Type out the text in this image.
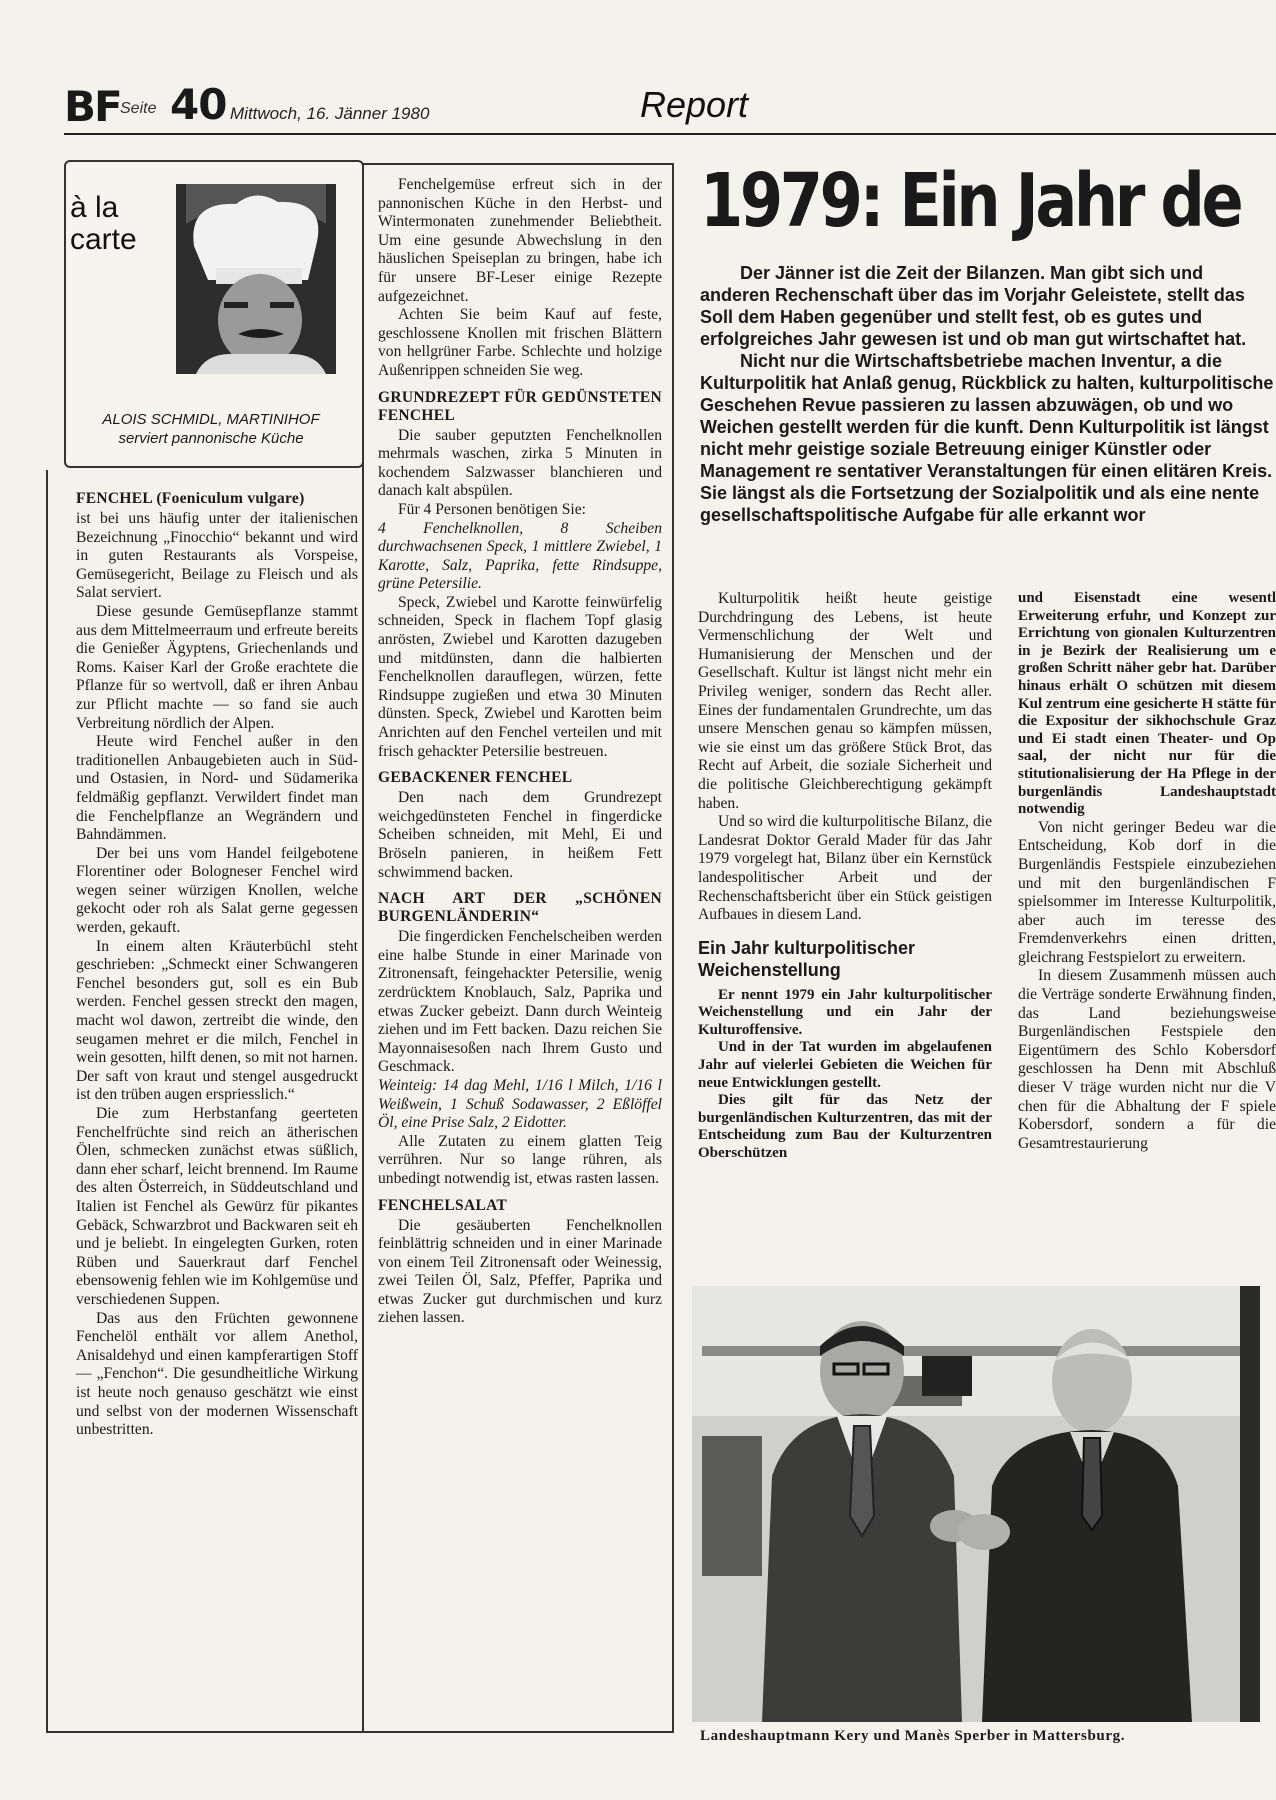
BF Seite 40 Mittwoch, 16. Jänner 1980	Report
à la
carte
ALOIS SCHMIDL, MARTINIHOF
serviert pannonische Küche
FENCHEL (Foeniculum vulgare)

ist bei uns häufig unter der italienischen Bezeichnung „Finocchio“ bekannt und wird in guten Restaurants als Vorspeise, Gemüsegericht, Beilage zu Fleisch und als Salat serviert.

Diese gesunde Gemüsepflanze stammt aus dem Mittelmeerraum und erfreute bereits die Genießer Ägyptens, Griechenlands und Roms. Kaiser Karl der Große erachtete die Pflanze für so wertvoll, daß er ihren Anbau zur Pflicht machte — so fand sie auch Verbreitung nördlich der Alpen.

Heute wird Fenchel außer in den traditionellen Anbaugebieten auch in Süd- und Ostasien, in Nord- und Südamerika feldmäßig gepflanzt. Verwildert findet man die Fenchelpflanze an Wegrändern und Bahndämmen.

Der bei uns vom Handel feilgebotene Florentiner oder Bologneser Fenchel wird wegen seiner würzigen Knollen, welche gekocht oder roh als Salat gerne gegessen werden, gekauft.

In einem alten Kräuterbüchl steht geschrieben: „Schmeckt einer Schwangeren Fenchel besonders gut, soll es ein Bub werden. Fenchel gessen streckt den magen, macht wol dawon, zertreibt die winde, den seugamen mehret er die milch, Fenchel in wein gesotten, hilft denen, so mit not harnen. Der saft von kraut und stengel ausgedruckt ist den trüben augen erspriesslich.“

Die zum Herbstanfang geerteten Fenchelfrüchte sind reich an ätherischen Ölen, schmecken zunächst etwas süßlich, dann eher scharf, leicht brennend. Im Raume des alten Österreich, in Süddeutschland und Italien ist Fenchel als Gewürz für pikantes Gebäck, Schwarzbrot und Backwaren seit eh und je beliebt. In eingelegten Gurken, roten Rüben und Sauerkraut darf Fenchel ebensowenig fehlen wie im Kohlgemüse und verschiedenen Suppen.

Das aus den Früchten gewonnene Fenchelöl enthält vor allem Anethol, Anisaldehyd und einen kampferartigen Stoff — „Fenchon“. Die gesundheitliche Wirkung ist heute noch genauso geschätzt wie einst und selbst von der modernen Wissenschaft unbestritten.

Fenchelgemüse erfreut sich in der pannonischen Küche in den Herbst- und Wintermonaten zunehmender Beliebtheit. Um eine gesunde Abwechslung in den häuslichen Speiseplan zu bringen, habe ich für unsere BF-Leser einige Rezepte aufgezeichnet.

Achten Sie beim Kauf auf feste, geschlossene Knollen mit frischen Blättern von hellgrüner Farbe. Schlechte und holzige Außenrippen schneiden Sie weg.

GRUNDREZEPT FÜR GEDÜNSTETEN FENCHEL

Die sauber geputzten Fenchelknollen mehrmals waschen, zirka 5 Minuten in kochendem Salzwasser blanchieren und danach kalt abspülen.

Für 4 Personen benötigen Sie:

4 Fenchelknollen, 8 Scheiben durchwachsenen Speck, 1 mittlere Zwiebel, 1 Karotte, Salz, Paprika, fette Rindsuppe, grüne Petersilie.

Speck, Zwiebel und Karotte feinwürfelig schneiden, Speck in flachem Topf glasig anrösten, Zwiebel und Karotten dazugeben und mitdünsten, dann die halbierten Fenchelknollen darauflegen, würzen, fette Rindsuppe zugießen und etwa 30 Minuten dünsten. Speck, Zwiebel und Karotten beim Anrichten auf den Fenchel verteilen und mit frisch gehackter Petersilie bestreuen.

GEBACKENER FENCHEL

Den nach dem Grundrezept weichgedünsteten Fenchel in fingerdicke Scheiben schneiden, mit Mehl, Ei und Bröseln panieren, in heißem Fett schwimmend backen.

NACH ART DER „SCHÖNEN BURGENLÄNDERIN“

Die fingerdicken Fenchelscheiben werden eine halbe Stunde in einer Marinade von Zitronensaft, feingehackter Petersilie, wenig zerdrücktem Knoblauch, Salz, Paprika und etwas Zucker gebeizt. Dann durch Weinteig ziehen und im Fett backen. Dazu reichen Sie Mayonnaisesoßen nach Ihrem Gusto und Geschmack.

Weinteig: 14 dag Mehl, 1/16 l Milch, 1/16 l Weißwein, 1 Schuß Sodawasser, 2 Eßlöffel Öl, eine Prise Salz, 2 Eidotter.

Alle Zutaten zu einem glatten Teig verrühren. Nur so lange rühren, als unbedingt notwendig ist, etwas rasten lassen.

FENCHELSALAT

Die gesäuberten Fenchelknollen feinblättrig schneiden und in einer Marinade von einem Teil Zitronensaft oder Weinessig, zwei Teilen Öl, Salz, Pfeffer, Paprika und etwas Zucker gut durchmischen und kurz ziehen lassen.

1979: Ein Jahr de

Der Jänner ist die Zeit der Bilanzen. Man gibt sich und anderen Rechenschaft über das im Vorjahr Geleistete, stellt das Soll dem Haben gegenüber und stellt fest, ob es gutes und erfolgreiches Jahr gewesen ist und ob man gut wirtschaftet hat.

Nicht nur die Wirtschaftsbetriebe machen Inventur, a die Kulturpolitik hat Anlaß genug, Rückblick zu halten, kulturpolitische Geschehen Revue passieren zu lassen abzuwägen, ob und wo Weichen gestellt werden für die kunft. Denn Kulturpolitik ist längst nicht mehr geistige soziale Betreuung einiger Künstler oder Management re sentativer Veranstaltungen für einen elitären Kreis. Sie längst als die Fortsetzung der Sozialpolitik und als eine nente gesellschaftspolitische Aufgabe für alle erkannt wor

Kulturpolitik heißt heute geistige Durchdringung des Lebens, ist heute Vermenschlichung der Welt und Humanisierung der Menschen und der Gesellschaft. Kultur ist längst nicht mehr ein Privileg weniger, sondern das Recht aller. Eines der fundamentalen Grundrechte, um das unsere Menschen genau so kämpfen müssen, wie sie einst um das größere Stück Brot, das Recht auf Arbeit, die soziale Sicherheit und die politische Gleichberechtigung gekämpft haben.

Und so wird die kulturpolitische Bilanz, die Landesrat Doktor Gerald Mader für das Jahr 1979 vorgelegt hat, Bilanz über ein Kernstück landespolitischer Arbeit und der Rechenschaftsbericht über ein Stück geistigen Aufbaues in diesem Land.

Ein Jahr kulturpolitischer Weichenstellung

Er nennt 1979 ein Jahr kulturpolitischer Weichenstellung und ein Jahr der Kulturoffensive.

Und in der Tat wurden im abgelaufenen Jahr auf vielerlei Gebieten die Weichen für neue Entwicklungen gestellt.

Dies gilt für das Netz der burgenländischen Kulturzentren, das mit der Entscheidung zum Bau der Kulturzentren Oberschützen

und Eisenstadt eine wesentl Erweiterung erfuhr, und Konzept zur Errichtung von gionalen Kulturzentren in je Bezirk der Realisierung um e großen Schritt näher gebr hat. Darüber hinaus erhält O schützen mit diesem Kul zentrum eine gesicherte H stätte für die Expositur der sikhochschule Graz und Ei stadt einen Theater- und Op saal, der nicht nur für die stitutionalisierung der Ha Pflege in der burgenländis Landeshauptstadt notwendig

Von nicht geringer Bedeu war die Entscheidung, Kob dorf in die Burgenländis Festspiele einzubeziehen und mit den burgenländischen F spielsommer im Interesse Kulturpolitik, aber auch im teresse des Fremdenverkehrs einen dritten, gleichrang Festspielort zu erweitern.

In diesem Zusammenh müssen auch die Verträge sonderte Erwähnung finden, das Land beziehungsweise Burgenländischen Festspiele den Eigentümern des Schlo Kobersdorf geschlossen ha Denn mit Abschluß dieser V träge wurden nicht nur die V chen für die Abhaltung der F spiele Kobersdorf, sondern a für die Gesamtrestaurierung

Landeshauptmann Kery und Manès Sperber in Mattersburg.
